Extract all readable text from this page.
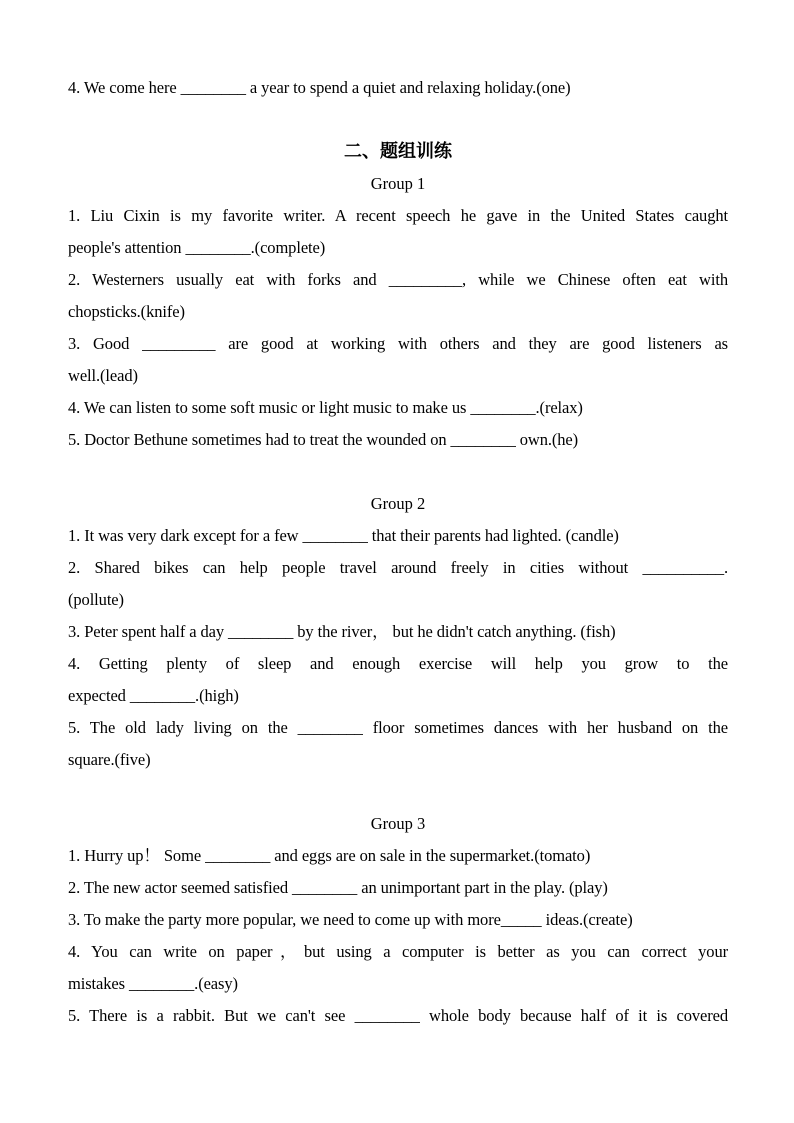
4. We come here ________ a year to spend a quiet and relaxing holiday.(one)
二、题组训练
Group 1
1. Liu Cixin is my favorite writer. A recent speech he gave in the United States caught
people's attention ________.(complete)
2. Westerners usually eat with forks and _________, while we Chinese often eat with
chopsticks.(knife)
3. Good _________ are good at working with others and they are good listeners as
well.(lead)
4. We can listen to some soft music or light music to make us ________.(relax)
5. Doctor Bethune sometimes had to treat the wounded on ________ own.(he)
Group 2
1. It was very dark except for a few ________ that their parents had lighted. (candle)
2. Shared bikes can help people travel around freely in cities without __________.
(pollute)
3. Peter spent half a day ________ by the river， but he didn't catch anything. (fish)
4. Getting plenty of sleep and enough exercise will help you grow to the
expected ________.(high)
5. The old lady living on the ________ floor sometimes dances with her husband on the
square.(five)
Group 3
1. Hurry up！ Some ________ and eggs are on sale in the supermarket.(tomato)
2. The new actor seemed satisfied ________ an unimportant part in the play. (play)
3. To make the party more popular, we need to come up with more_____ ideas.(create)
4. You can write on paper，but using a computer is better as you can correct your
mistakes ________.(easy)
5. There is a rabbit. But we can't see ________ whole body because half of it is covered
